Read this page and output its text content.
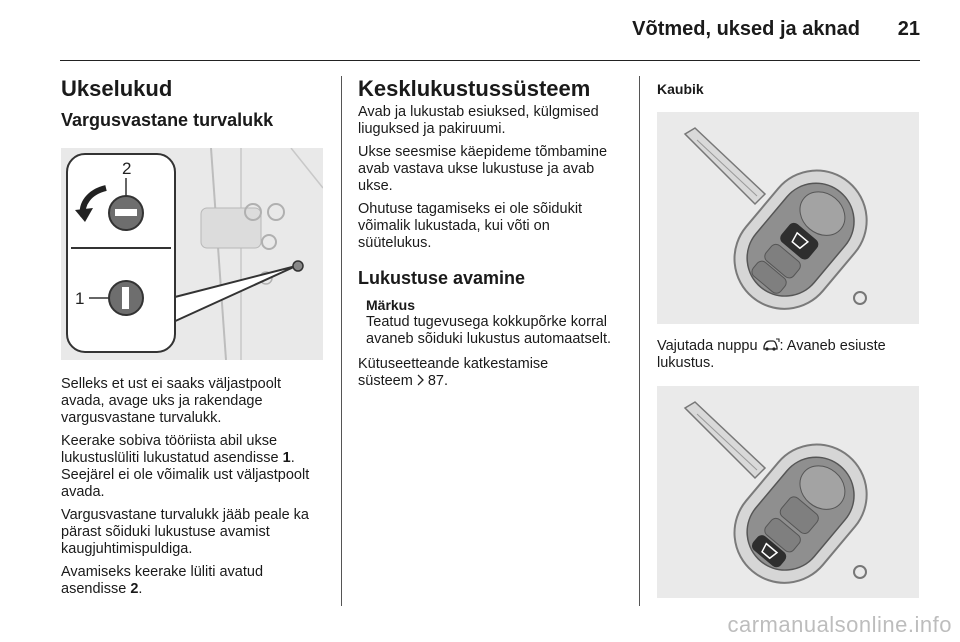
Võtmed, uksed ja aknad	21
Ukselukud
Vargusvastane turvalukk
2
1

Selleks et ust ei saaks väljastpoolt avada, avage uks ja rakendage vargusvastane turvalukk.

Keerake sobiva tööriista abil ukse lukustuslüliti lukustatud asendisse 1. Seejärel ei ole võimalik ust väljastpoolt avada.

Vargusvastane turvalukk jääb peale ka pärast sõiduki lukustuse avamist kaugjuhtimispuldiga.

Avamiseks keerake lüliti avatud asendisse 2.

Kesklukustussüsteem

Avab ja lukustab esiuksed, külgmised liuguksed ja pakiruumi.

Ukse seesmise käepideme tõmbamine avab vastava ukse lukustuse ja avab ukse.

Ohutuse tagamiseks ei ole sõidukit võimalik lukustada, kui võti on süütelukus.

Lukustuse avamine
Märkus

Teatud tugevusega kokkupõrke korral avaneb sõiduki lukustus automaatselt.

Kütuseetteande katkestamise
süsteem  87.

Kaubik

Vajutada nuppu : Avaneb esiuste lukustus.

carmanualsonline.info
